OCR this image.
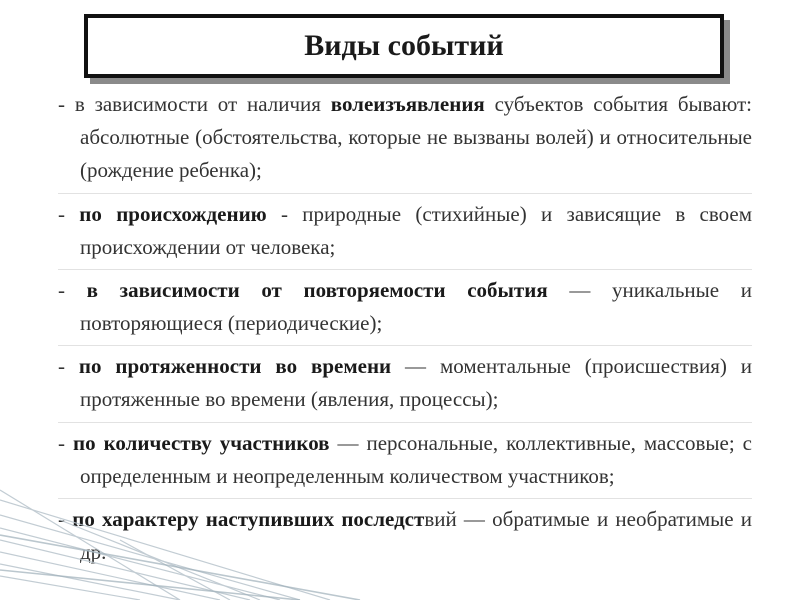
Виды событий

- в зависимости от наличия волеизъявления субъектов события бывают: абсолютные (обстоятельства, которые не вызваны волей) и относительные (рождение ребенка);

- по происхождению - природные (стихийные) и зависящие в своем происхождении от человека;

- в зависимости от повторяемости события — уникальные и повторяющиеся (периодические);

- по протяженности во времени — моментальные (происшествия) и протяженные во времени (явления, процессы);

- по количеству участников — персональные, коллективные, массовые; с определенным и неопределенным количеством участников;

- по характеру наступивших последствий — обратимые и необратимые и др.
